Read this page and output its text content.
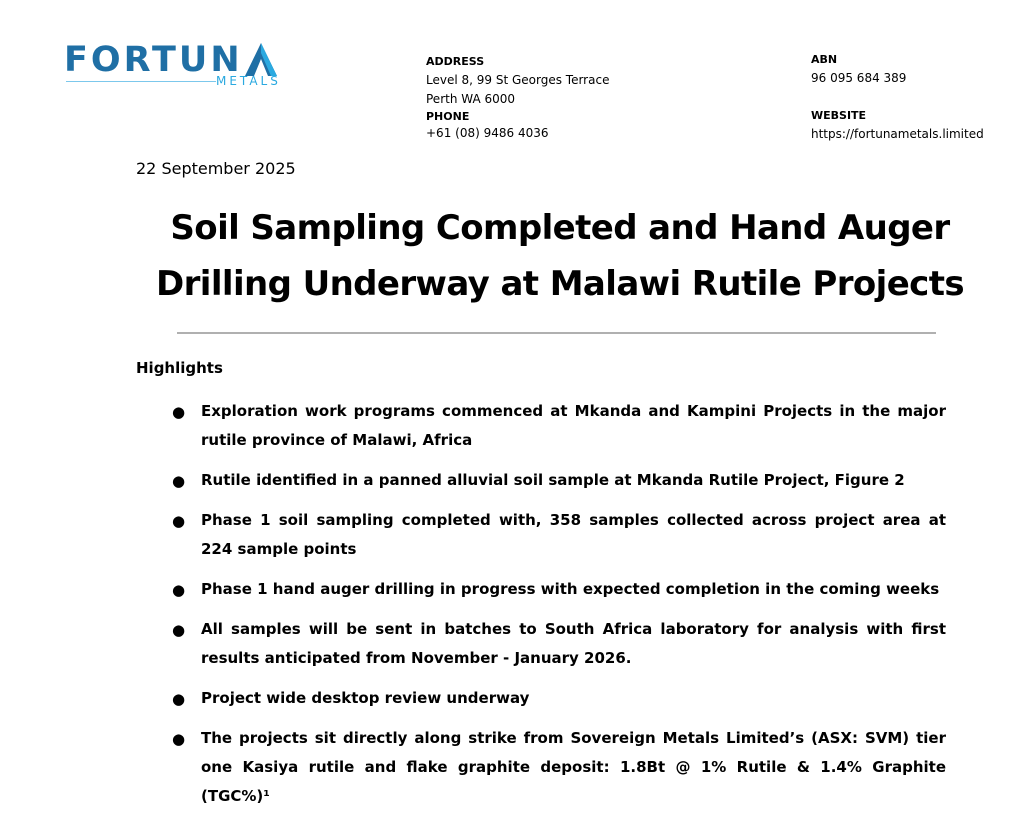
FORTUN
METALS
ADDRESS
Level 8, 99 St Georges Terrace
Perth WA 6000
PHONE
+61 (08) 9486 4036
ABN
96 095 684 389
WEBSITE
https://fortunametals.limited
22 September 2025
Soil Sampling Completed and Hand Auger
Drilling Underway at Malawi Rutile Projects
Highlights
● Exploration work programs commenced at Mkanda and Kampini Projects in the major rutile province of Malawi, Africa
● Rutile identified in a panned alluvial soil sample at Mkanda Rutile Project, Figure 2
● Phase 1 soil sampling completed with, 358 samples collected across project area at 224 sample points
● Phase 1 hand auger drilling in progress with expected completion in the coming weeks
● All samples will be sent in batches to South Africa laboratory for analysis with first results anticipated from November - January 2026.
● Project wide desktop review underway
● The projects sit directly along strike from Sovereign Metals Limited’s (ASX: SVM) tier one Kasiya rutile and flake graphite deposit: 1.8Bt @ 1% Rutile & 1.4% Graphite (TGC%)¹
